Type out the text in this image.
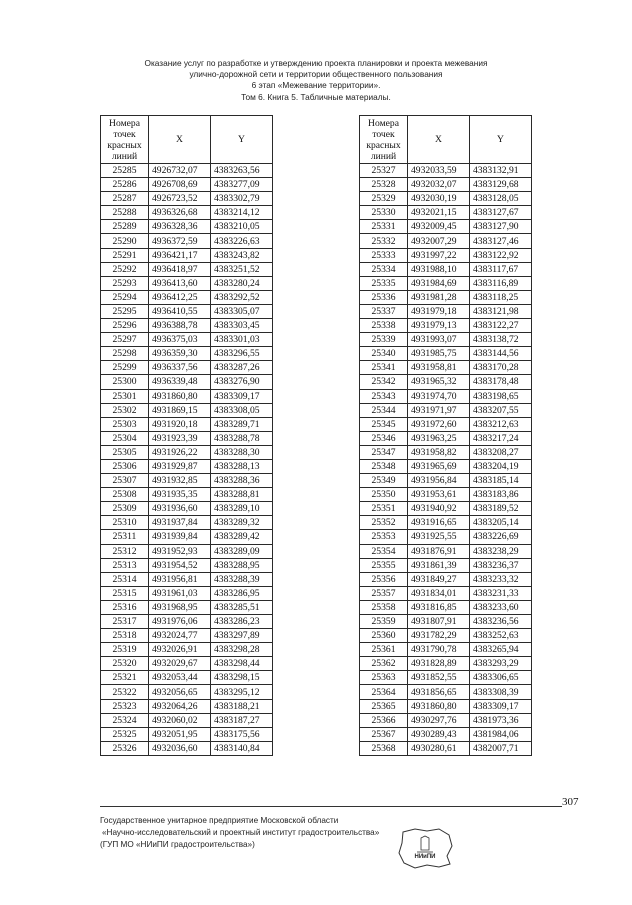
Оказание услуг по разработке и утверждению проекта планировки и проекта межевания
улично-дорожной сети и территории общественного пользования
6 этап «Межевание территории».
Том 6. Книга 5. Табличные материалы.
Номера точек красных линий	X	Y
25285	4926732,07	4383263,56
25286	4926708,69	4383277,09
25287	4926723,52	4383302,79
25288	4936326,68	4383214,12
25289	4936328,36	4383210,05
25290	4936372,59	4383226,63
25291	4936421,17	4383243,82
25292	4936418,97	4383251,52
25293	4936413,60	4383280,24
25294	4936412,25	4383292,52
25295	4936410,55	4383305,07
25296	4936388,78	4383303,45
25297	4936375,03	4383301,03
25298	4936359,30	4383296,55
25299	4936337,56	4383287,26
25300	4936339,48	4383276,90
25301	4931860,80	4383309,17
25302	4931869,15	4383308,05
25303	4931920,18	4383289,71
25304	4931923,39	4383288,78
25305	4931926,22	4383288,30
25306	4931929,87	4383288,13
25307	4931932,85	4383288,36
25308	4931935,35	4383288,81
25309	4931936,60	4383289,10
25310	4931937,84	4383289,32
25311	4931939,84	4383289,42
25312	4931952,93	4383289,09
25313	4931954,52	4383288,95
25314	4931956,81	4383288,39
25315	4931961,03	4383286,95
25316	4931968,95	4383285,51
25317	4931976,06	4383286,23
25318	4932024,77	4383297,89
25319	4932026,91	4383298,28
25320	4932029,67	4383298,44
25321	4932053,44	4383298,15
25322	4932056,65	4383295,12
25323	4932064,26	4383188,21
25324	4932060,02	4383187,27
25325	4932051,95	4383175,56
25326	4932036,60	4383140,84
Номера точек красных линий	X	Y
25327	4932033,59	4383132,91
25328	4932032,07	4383129,68
25329	4932030,19	4383128,05
25330	4932021,15	4383127,67
25331	4932009,45	4383127,90
25332	4932007,29	4383127,46
25333	4931997,22	4383122,92
25334	4931988,10	4383117,67
25335	4931984,69	4383116,89
25336	4931981,28	4383118,25
25337	4931979,18	4383121,98
25338	4931979,13	4383122,27
25339	4931993,07	4383138,72
25340	4931985,75	4383144,56
25341	4931958,81	4383170,28
25342	4931965,32	4383178,48
25343	4931974,70	4383198,65
25344	4931971,97	4383207,55
25345	4931972,60	4383212,63
25346	4931963,25	4383217,24
25347	4931958,82	4383208,27
25348	4931965,69	4383204,19
25349	4931956,84	4383185,14
25350	4931953,61	4383183,86
25351	4931940,92	4383189,52
25352	4931916,65	4383205,14
25353	4931925,55	4383226,69
25354	4931876,91	4383238,29
25355	4931861,39	4383236,37
25356	4931849,27	4383233,32
25357	4931834,01	4383231,33
25358	4931816,85	4383233,60
25359	4931807,91	4383236,56
25360	4931782,29	4383252,63
25361	4931790,78	4383265,94
25362	4931828,89	4383293,29
25363	4931852,55	4383306,65
25364	4931856,65	4383308,39
25365	4931860,80	4383309,17
25366	4930297,76	4381973,36
25367	4930289,43	4381984,06
25368	4930280,61	4382007,71
307
Государственное унитарное предприятие Московской области
«Научно-исследовательский и проектный институт градостроительства»
(ГУП МО «НИиПИ градостроительства»)
НИиПИ
